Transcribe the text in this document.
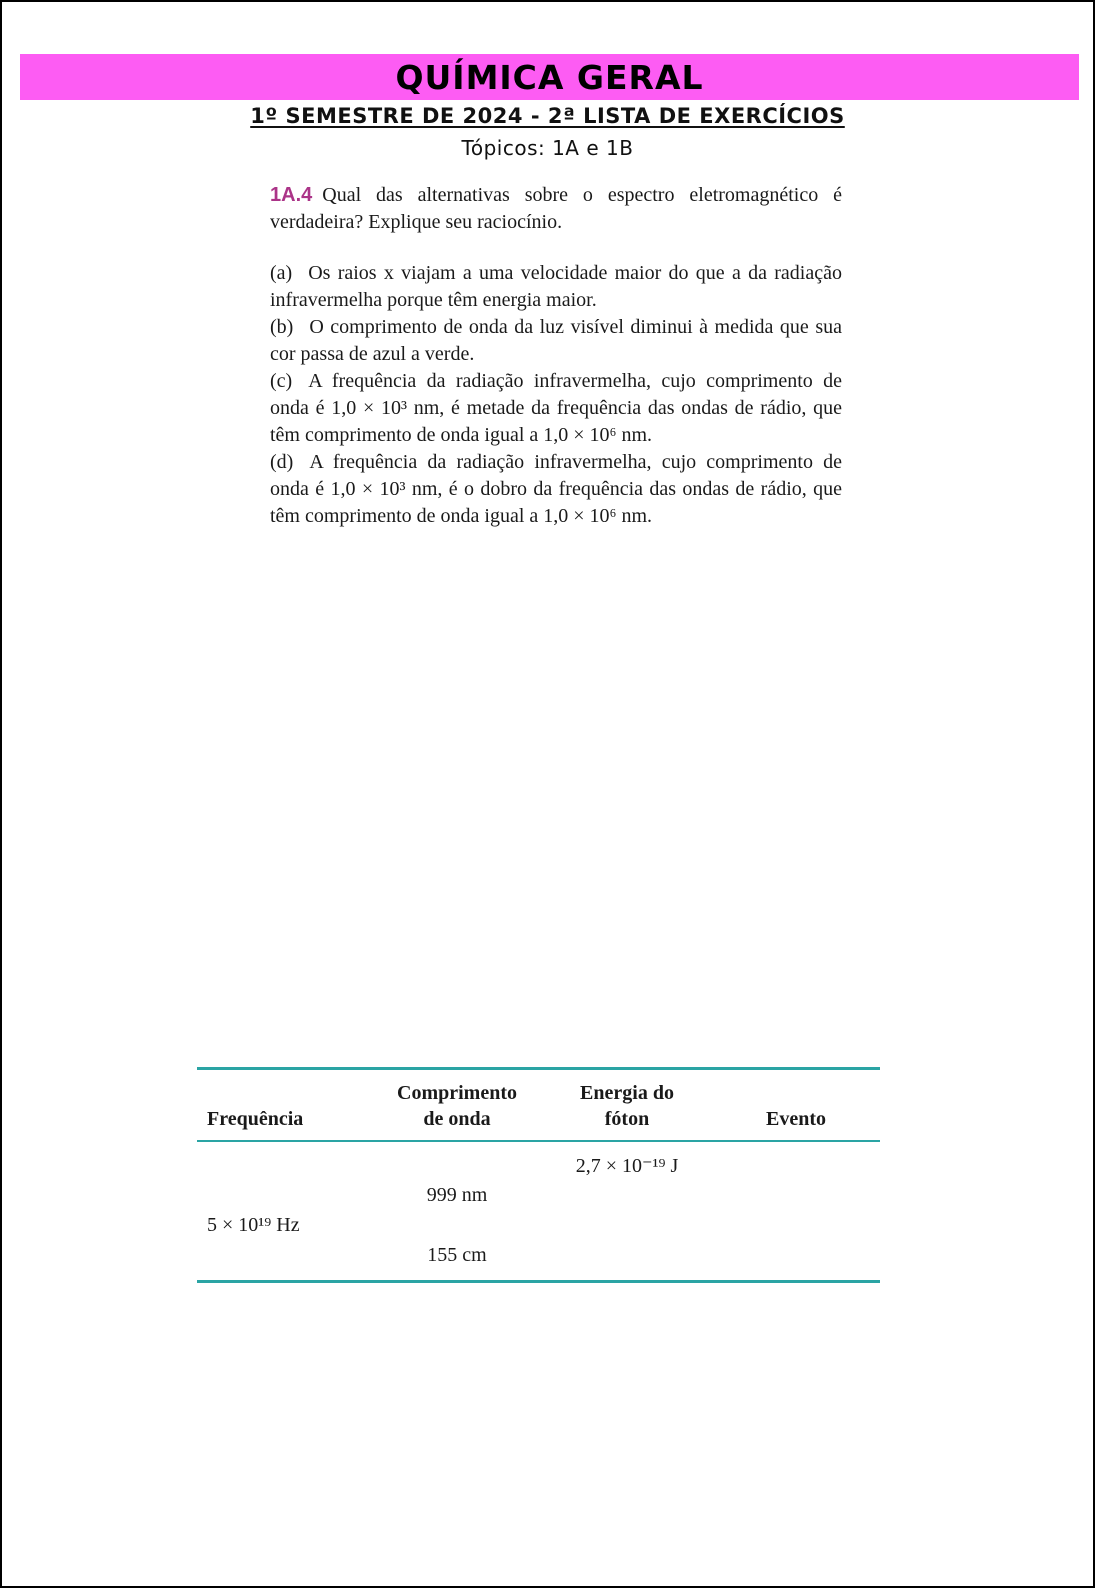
QUÍMICA GERAL
1º SEMESTRE DE 2024 - 2ª LISTA DE EXERCÍCIOS
Tópicos: 1A e 1B

1A.4 Qual das alternativas sobre o espectro eletromagnético é verdadeira? Explique seu raciocínio.

(a) Os raios x viajam a uma velocidade maior do que a da radiação infravermelha porque têm energia maior.

(b) O comprimento de onda da luz visível diminui à medida que sua cor passa de azul a verde.

(c) A frequência da radiação infravermelha, cujo comprimento de onda é 1,0 × 10³ nm, é metade da frequência das ondas de rádio, que têm comprimento de onda igual a 1,0 × 10⁶ nm.

(d) A frequência da radiação infravermelha, cujo comprimento de onda é 1,0 × 10³ nm, é o dobro da frequência das ondas de rádio, que têm comprimento de onda igual a 1,0 × 10⁶ nm.

Frequência
Comprimento de onda
Energia do fóton	Evento
2,7 × 10⁻¹⁹ J
999 nm
5 × 10¹⁹ Hz
155 cm
